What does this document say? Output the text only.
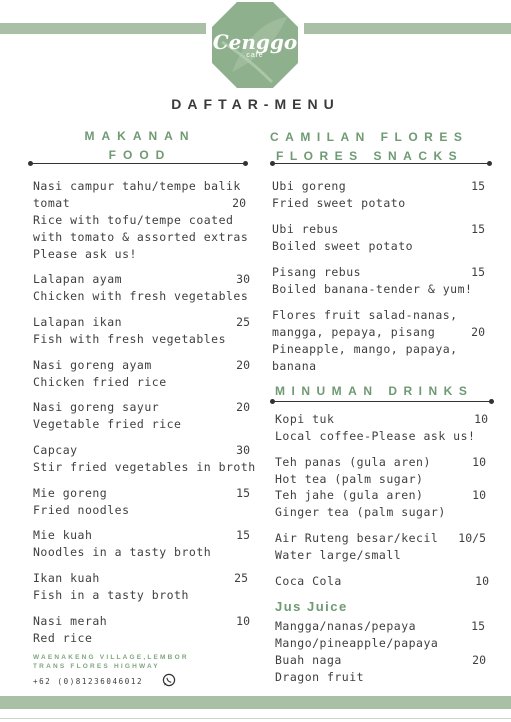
Cenggo
cafe
DAFTAR-MENU
MAKANAN
FOOD
Nasi campur tahu/tempe balik
tomat	20
Rice with tofu/tempe coated
with tomato & assorted extras
Please ask us!
Lalapan ayam	30
Chicken with fresh vegetables
Lalapan ikan	25
Fish with fresh vegetables
Nasi goreng ayam	20
Chicken fried rice
Nasi goreng sayur	20
Vegetable fried rice
Capcay	30
Stir fried vegetables in broth
Mie goreng	15
Fried noodles
Mie kuah	15
Noodles in a tasty broth
Ikan kuah	25
Fish in a tasty broth
Nasi merah	10
Red rice
CAMILAN FLORES
FLORES SNACKS
Ubi goreng	15
Fried sweet potato
Ubi rebus	15
Boiled sweet potato
Pisang rebus	15
Boiled banana-tender & yum!
Flores fruit salad-nanas,
mangga, pepaya, pisang	20
Pineapple, mango, papaya,
banana
MINUMAN DRINKS
Kopi tuk	10
Local coffee-Please ask us!
Teh panas (gula aren)	10
Hot tea (palm sugar)
Teh jahe (gula aren)	10
Ginger tea (palm sugar)
Air Ruteng besar/kecil	10/5
Water large/small
Coca Cola	10
Jus Juice
Mangga/nanas/pepaya	15
Mango/pineapple/papaya
Buah naga	20
Dragon fruit
WAENAKENG VILLAGE,LEMBOR
TRANS FLORES HIGHWAY
+62 (0)81236046012
